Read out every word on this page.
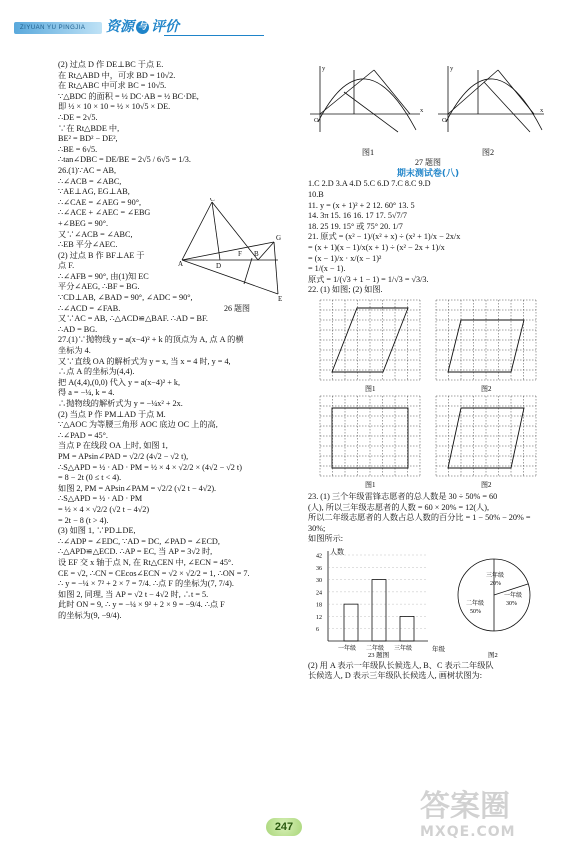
ZIYUAN YU PINGJIA 资源 与 评价

(2) 过点 D 作 DE⊥BC 于点 E.

在 Rt△ABD 中，可求 BD = 10√2.

在 Rt△ABC 中可求 BC = 10√5.

∵△BDC 的面积 = ½ DC·AB = ½ BC·DE,

即 ½ × 10 × 10 = ½ × 10√5 × DE.

∴DE = 2√5.

∵在 Rt△BDE 中,

BE² = BD² − DE²,

∴BE = 6√5.

∴tan∠DBC = DE/BE = 2√5 / 6√5 = 1/3.

26.(1)∵AC = AB,

∴∠ACB = ∠ABC,

∵AE⊥AG, EG⊥AB,

∴∠CAE = ∠AEG = 90°,

∴∠ACE + ∠AEC = ∠EBG

+∠BEG = 90°.

又∵∠ACB = ∠ABC,

∴EB 平分∠AEC.

(2) 过点 B 作 BF⊥AE 于

点 F.

∴∠AFB = 90°, 由(1)知 EC

平分∠AEG, ∴BF = BG.

∵CD⊥AB, ∠BAD = 90°, ∠ADC = 90°,

∴∠ACD = ∠FAB.

又∵AC = AB, ∴△ACD≌△BAF. ∴AD = BF.

∴AD = BG.

27.(1)∵抛物线 y = a(x−4)² + k 的顶点为 A, 点 A 的横

坐标为 4.

又∵直线 OA 的解析式为 y = x, 当 x = 4 时, y = 4,

∴点 A 的坐标为(4,4).

把 A(4,4),(0,0) 代入 y = a(x−4)² + k,

得 a = −¼, k = 4.

∴抛物线的解析式为 y = −¼x² + 2x.

(2) 当点 P 作 PM⊥AD 于点 M.

∵△AOC 为等腰三角形 AOC 底边 OC 上的高,

∴∠PAD = 45°.

当点 P 在线段 OA 上时, 如图 1,

PM = APsin∠PAD = √2/2 (4√2 − √2 t),

∴S△APD = ½ · AD · PM = ½ × 4 × √2/2 × (4√2 − √2 t)

= 8 − 2t (0 ≤ t < 4).

如图 2, PM = APsin∠PAM = √2/2 (√2 t − 4√2).

∴S△APD = ½ · AD · PM

= ½ × 4 × √2/2 (√2 t − 4√2)

= 2t − 8 (t > 4).

(3) 如图 1, ∵PD⊥DE,

∴∠ADP = ∠EDC, ∵AD = DC, ∠PAD = ∠ECD,

∴△APD≌△ECD. ∴AP = EC, 当 AP = 3√2 时,

设 EF 交 x 轴于点 N, 在 Rt△CEN 中, ∠ECN = 45°.

CE = √2, ∴CN = CEcos∠ECN = √2 × √2/2 = 1, ∴ON = 7.

∴ y = −¼ × 7² + 2 × 7 = 7/4. ∴点 F 的坐标为(7, 7/4).

如图 2, 同理, 当 AP = √2 t − 4√2 时, ∴t = 5.

此时 ON = 9, ∴ y = −¼ × 9² + 2 × 9 = −9/4. ∴点 F

的坐标为(9, −9/4).

C
A	D
B
G
E
F
26 题图
y
x
O
y
x
O

图1	图2

27 题图

期末测试卷(八)

1.C 2.D 3.A 4.D 5.C 6.D 7.C 8.C 9.D

10.B

11. y = (x + 1)² + 2 12. 60° 13. 5

14. 3π 15. 16 16. 17 17. 5√7/7

18. 25 19. 15° 或 75° 20. 1/7

21. 原式 = (x² − 1)/(x² + x) ÷ (x² + 1)/x − 2x/x

= (x + 1)(x − 1)/x(x + 1) ÷ (x² − 2x + 1)/x

= (x − 1)/x · x/(x − 1)²

= 1/(x − 1).

原式 = 1/(√3 + 1 − 1) = 1/√3 = √3/3.

22. (1) 如图; (2) 如图.

图1	图2
图1	图2

23. (1) 三个年级雷锋志愿者的总人数是 30 ÷ 50% = 60

(人), 所以三年级志愿者的人数 = 60 × 20% = 12(人),

所以二年级志愿者的人数占总人数的百分比 = 1 − 50% − 20% =

30%;

如图所示:

42
36
30
24
18
12
6
人数
年级
一年级 二年级 三年级
三年级
20%
一年级
30%
二年级
50%
23 题图	图2

(2) 用 A 表示一年级队长候选人, B、C 表示二年级队

长候选人, D 表示三年级队长候选人, 画树状图为:

247
答案圈
MXQE.COM
